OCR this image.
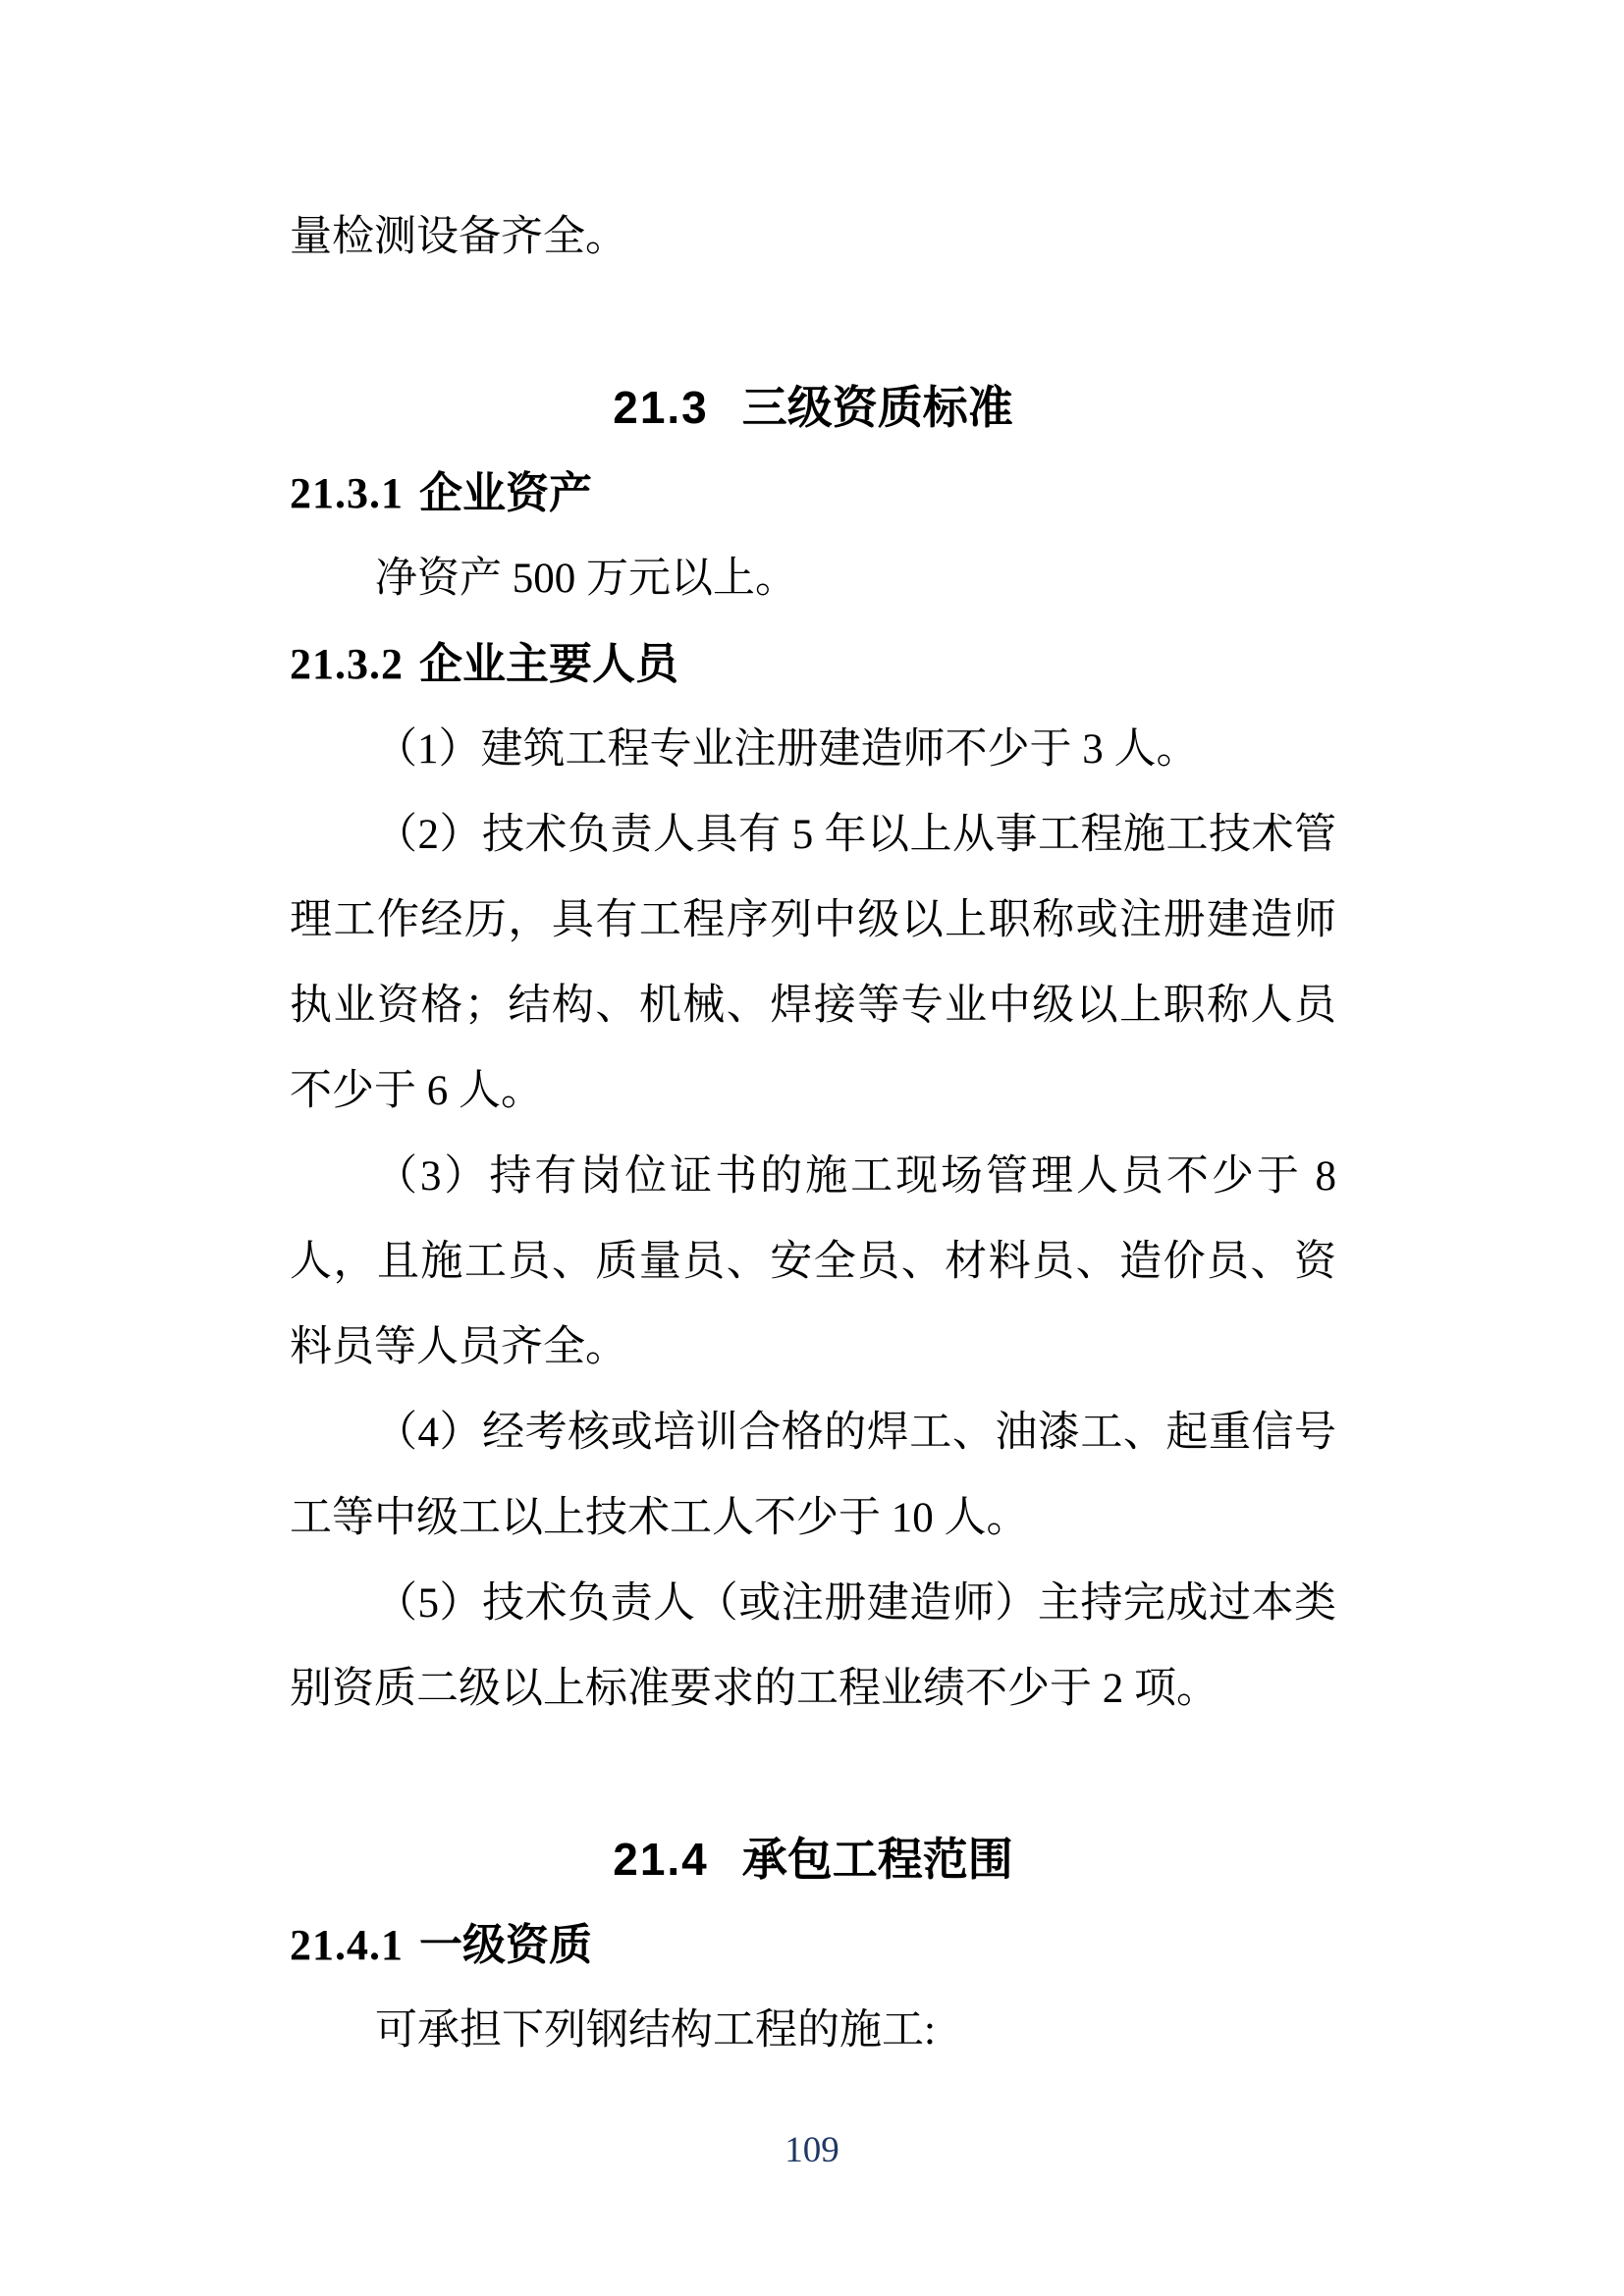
量检测设备齐全。

21.3 三级资质标准
21.3.1 企业资产

净资产 500 万元以上。

21.3.2 企业主要人员

（1）建筑工程专业注册建造师不少于 3 人。

（2）技术负责人具有 5 年以上从事工程施工技术管理工作经历，具有工程序列中级以上职称或注册建造师执业资格；结构、机械、焊接等专业中级以上职称人员不少于 6 人。

（3）持有岗位证书的施工现场管理人员不少于 8 人，且施工员、质量员、安全员、材料员、造价员、资料员等人员齐全。

（4）经考核或培训合格的焊工、油漆工、起重信号工等中级工以上技术工人不少于 10 人。

（5）技术负责人（或注册建造师）主持完成过本类别资质二级以上标准要求的工程业绩不少于 2 项。

21.4 承包工程范围
21.4.1 一级资质

可承担下列钢结构工程的施工:

109
